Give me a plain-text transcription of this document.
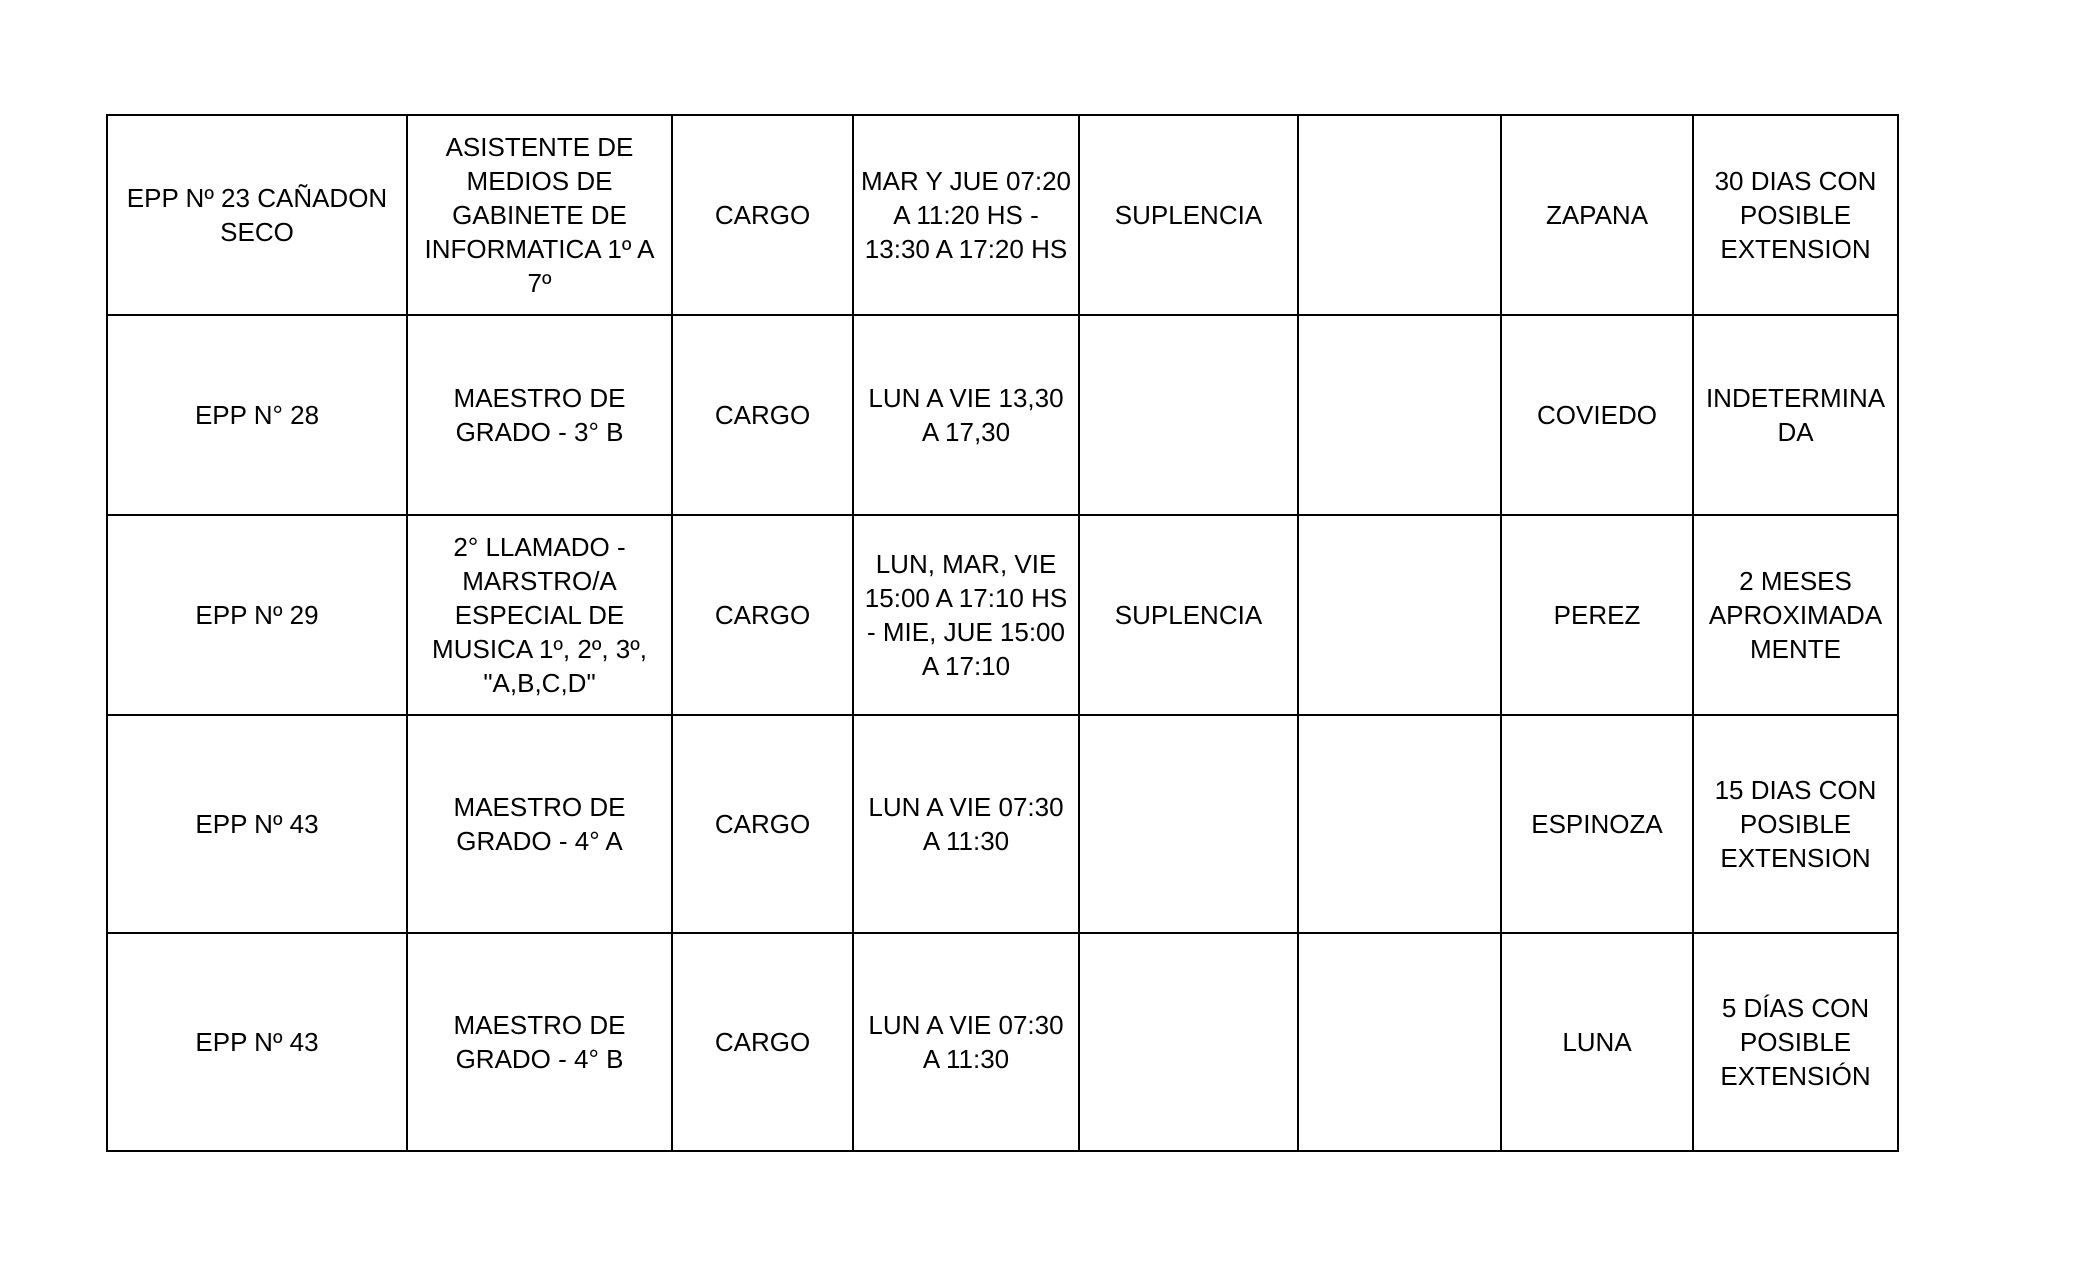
EPP Nº 23 CAÑADON SECO	ASISTENTE DE MEDIOS DE GABINETE DE INFORMATICA 1º A 7º	CARGO	MAR Y JUE 07:20 A 11:20 HS - 13:30 A 17:20 HS	SUPLENCIA		ZAPANA	30 DIAS CON POSIBLE EXTENSION
EPP N° 28	MAESTRO DE GRADO - 3° B	CARGO	LUN A VIE 13,30 A 17,30			COVIEDO	INDETERMINADA
EPP Nº 29	2° LLAMADO - MARSTRO/A ESPECIAL DE MUSICA 1º, 2º, 3º, "A,B,C,D"	CARGO	LUN, MAR, VIE 15:00 A 17:10 HS - MIE, JUE 15:00 A 17:10	SUPLENCIA		PEREZ	2 MESES APROXIMADAMENTE
EPP Nº 43	MAESTRO DE GRADO - 4° A	CARGO	LUN A VIE 07:30 A 11:30			ESPINOZA	15 DIAS CON POSIBLE EXTENSION
EPP Nº 43	MAESTRO DE GRADO - 4° B	CARGO	LUN A VIE 07:30 A 11:30			LUNA	5 DÍAS CON POSIBLE EXTENSIÓN
